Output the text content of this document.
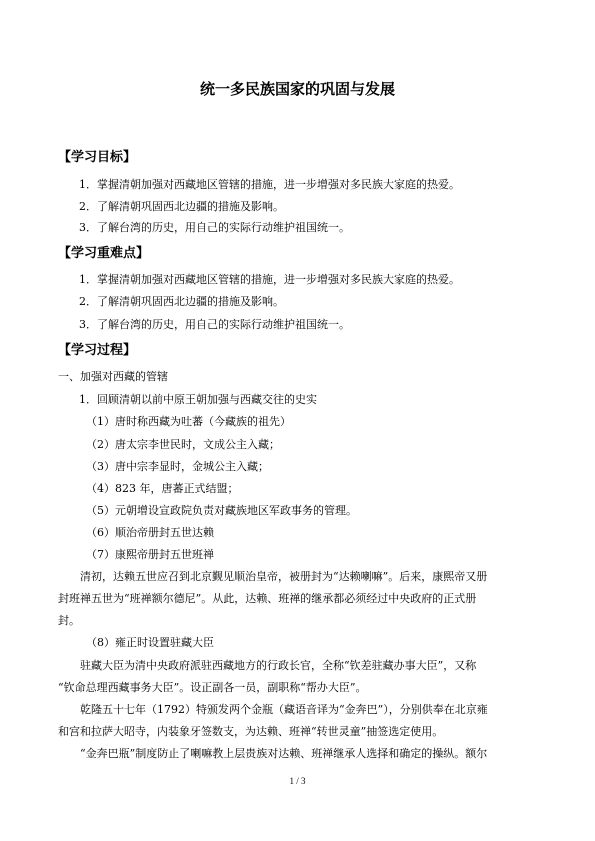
统一多民族国家的巩固与发展
【学习目标】
1．掌握清朝加强对西藏地区管辖的措施，进一步增强对多民族大家庭的热爱。
2．了解清朝巩固西北边疆的措施及影响。
3．了解台湾的历史，用自己的实际行动维护祖国统一。
【学习重难点】
1．掌握清朝加强对西藏地区管辖的措施，进一步增强对多民族大家庭的热爱。
2．了解清朝巩固西北边疆的措施及影响。
3．了解台湾的历史，用自己的实际行动维护祖国统一。
【学习过程】
一、加强对西藏的管辖
1．回顾清朝以前中原王朝加强与西藏交往的史实
（1）唐时称西藏为吐蕃（今藏族的祖先）
（2）唐太宗李世民时，文成公主入藏；
（3）唐中宗李显时，金城公主入藏；
（4）823 年，唐蕃正式结盟；
（5）元朝增设宣政院负责对藏族地区军政事务的管理。
（6）顺治帝册封五世达赖
（7）康熙帝册封五世班禅
清初，达赖五世应召到北京觐见顺治皇帝，被册封为“达赖喇嘛”。后来，康熙帝又册
封班禅五世为“班禅额尔德尼”。从此，达赖、班禅的继承都必须经过中央政府的正式册
封。
（8）雍正时设置驻藏大臣
驻藏大臣为清中央政府派驻西藏地方的行政长官，全称“钦差驻藏办事大臣”，又称
“钦命总理西藏事务大臣”。设正副各一员，副职称“帮办大臣”。
乾隆五十七年（1792）特颁发两个金瓶（藏语音译为“金奔巴”），分别供奉在北京雍
和宫和拉萨大昭寺，内装象牙签数支，为达赖、班禅“转世灵童”抽签选定使用。
“金奔巴瓶”制度防止了喇嘛教上层贵族对达赖、班禅继承人选择和确定的操纵。额尔
1 / 3
